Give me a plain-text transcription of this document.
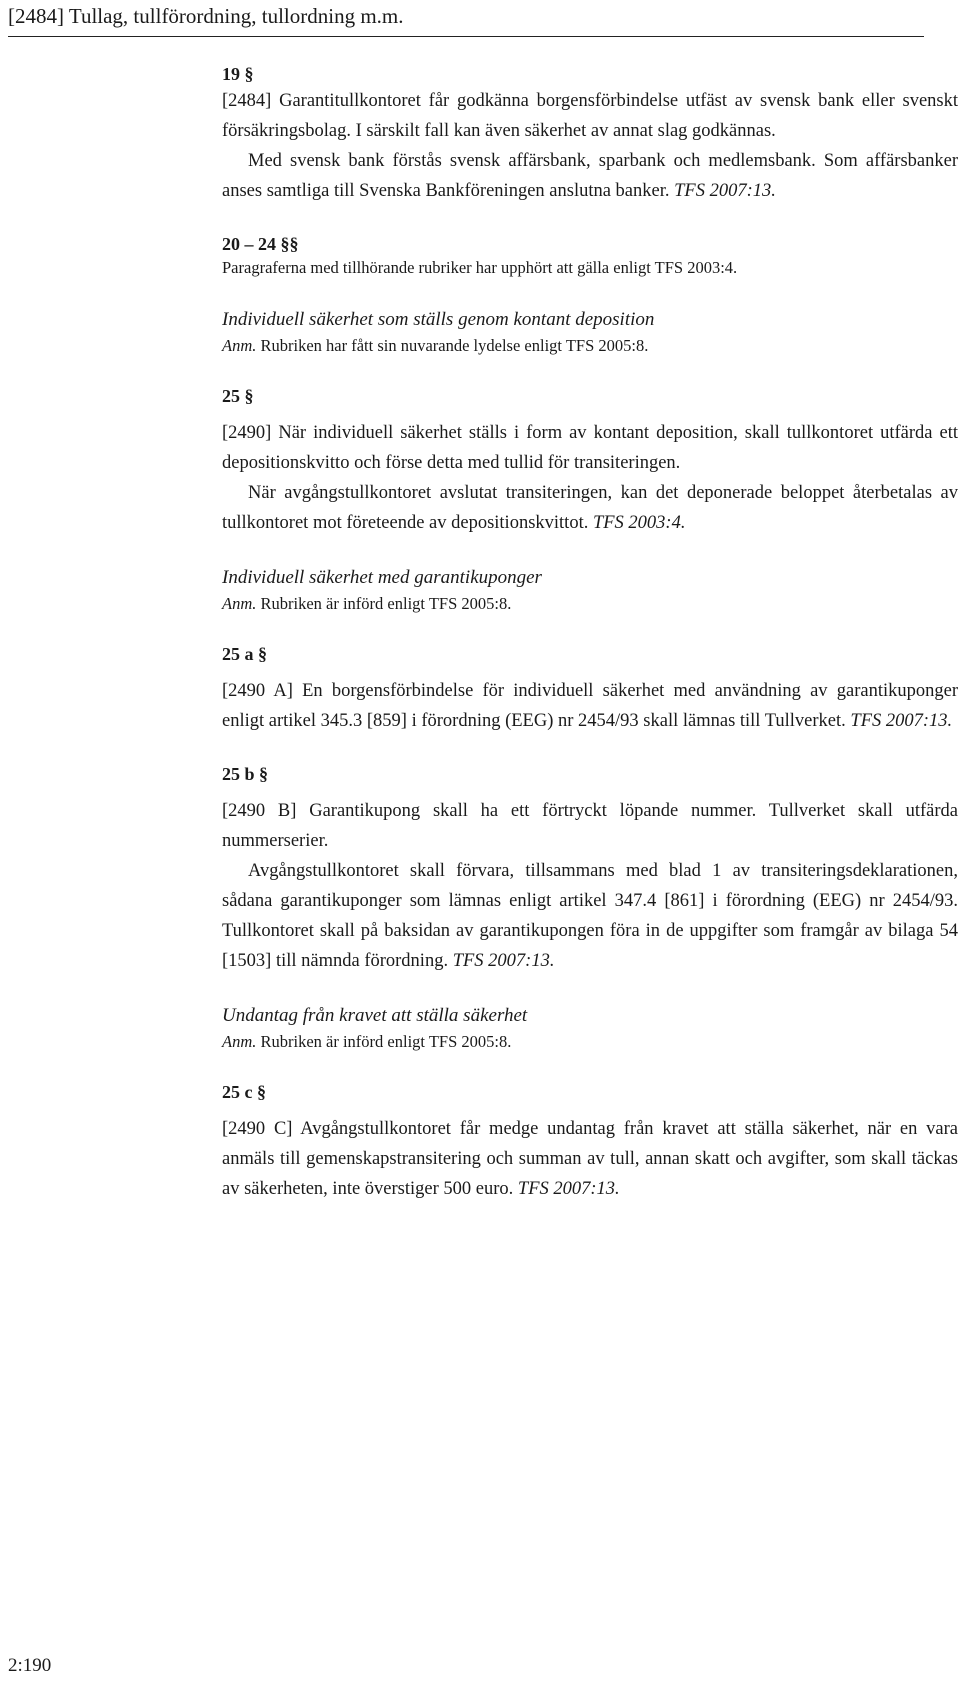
[2484] Tullag, tullförordning, tullordning m.m.

19 §

[2484] Garantitullkontoret får godkänna borgensförbindelse utfäst av svensk bank eller svenskt försäkringsbolag. I särskilt fall kan även säkerhet av annat slag godkännas.

Med svensk bank förstås svensk affärsbank, sparbank och medlemsbank. Som affärsbanker anses samtliga till Svenska Bankföreningen anslutna banker. TFS 2007:13.

20 – 24 §§

Paragraferna med tillhörande rubriker har upphört att gälla enligt TFS 2003:4.

Individuell säkerhet som ställs genom kontant deposition

Anm. Rubriken har fått sin nuvarande lydelse enligt TFS 2005:8.

25 §

[2490] När individuell säkerhet ställs i form av kontant deposition, skall tullkontoret utfärda ett depositionskvitto och förse detta med tullid för transiteringen.

När avgångstullkontoret avslutat transiteringen, kan det deponerade beloppet återbetalas av tullkontoret mot företeende av depositionskvittot. TFS 2003:4.

Individuell säkerhet med garantikuponger

Anm. Rubriken är införd enligt TFS 2005:8.

25 a §

[2490 A] En borgensförbindelse för individuell säkerhet med användning av garantikuponger enligt artikel 345.3 [859] i förordning (EEG) nr 2454/93 skall lämnas till Tullverket. TFS 2007:13.

25 b §

[2490 B] Garantikupong skall ha ett förtryckt löpande nummer. Tullverket skall utfärda nummerserier.

Avgångstullkontoret skall förvara, tillsammans med blad 1 av transiteringsdeklarationen, sådana garantikuponger som lämnas enligt artikel 347.4 [861] i förordning (EEG) nr 2454/93. Tullkontoret skall på baksidan av garantikupongen föra in de uppgifter som framgår av bilaga 54 [1503] till nämnda förordning. TFS 2007:13.

Undantag från kravet att ställa säkerhet

Anm. Rubriken är införd enligt TFS 2005:8.

25 c §

[2490 C] Avgångstullkontoret får medge undantag från kravet att ställa säkerhet, när en vara anmäls till gemenskapstransitering och summan av tull, annan skatt och avgifter, som skall täckas av säkerheten, inte överstiger 500 euro. TFS 2007:13.

2:190
